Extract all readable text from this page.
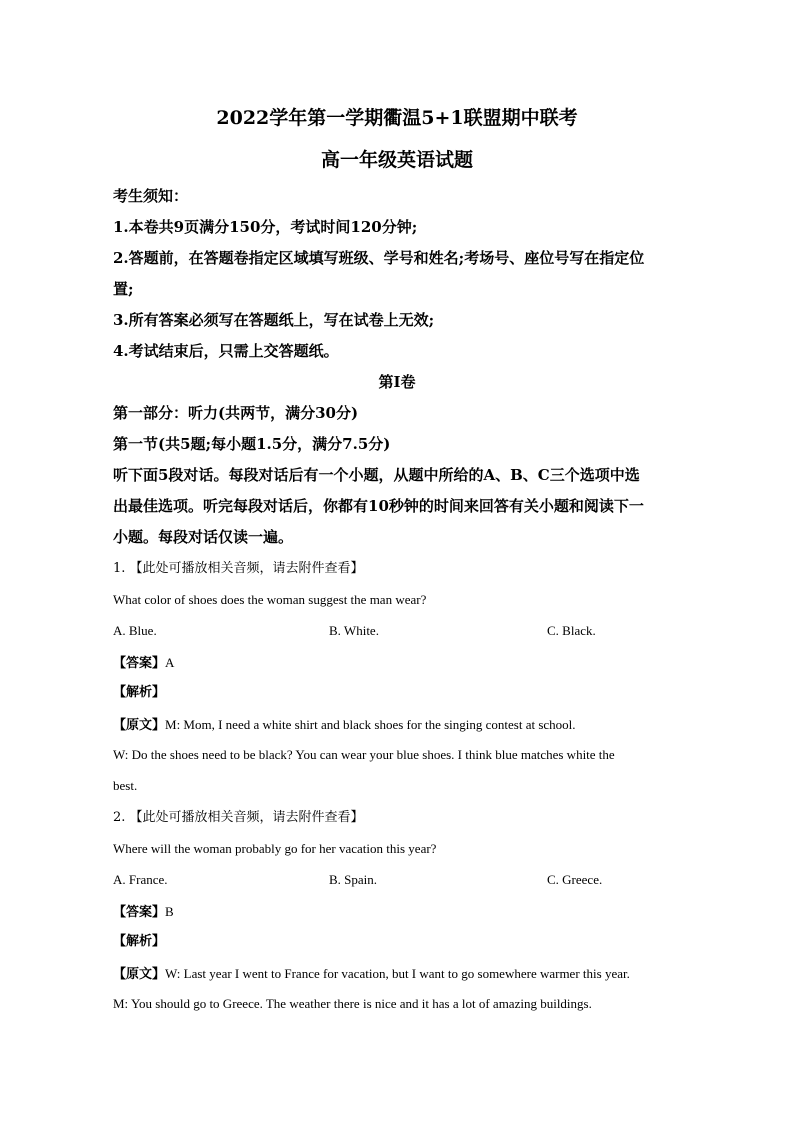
2022学年第一学期衢温5+1联盟期中联考
高一年级英语试题
考生须知：
1.本卷共9页满分150分，考试时间120分钟;
2.答题前，在答题卷指定区域填写班级、学号和姓名;考场号、座位号写在指定位
置;
3.所有答案必须写在答题纸上，写在试卷上无效;
4.考试结束后，只需上交答题纸。
第Ⅰ卷
第一部分：听力(共两节，满分30分)
第一节(共5题;每小题1.5分，满分7.5分)
听下面5段对话。每段对话后有一个小题，从题中所给的A、B、C三个选项中选
出最佳选项。听完每段对话后，你都有10秒钟的时间来回答有关小题和阅读下一
小题。每段对话仅读一遍。
1. 【此处可播放相关音频，请去附件查看】
What color of shoes does the woman suggest the man wear?
A. Blue.	B. White.	C. Black.
【答案】A
【解析】
【原文】M: Mom, I need a white shirt and black shoes for the singing contest at school.
W: Do the shoes need to be black? You can wear your blue shoes. I think blue matches white the
best.
2. 【此处可播放相关音频，请去附件查看】
Where will the woman probably go for her vacation this year?
A. France.	B. Spain.	C. Greece.
【答案】B
【解析】
【原文】W: Last year I went to France for vacation, but I want to go somewhere warmer this year.
M: You should go to Greece. The weather there is nice and it has a lot of amazing buildings.
